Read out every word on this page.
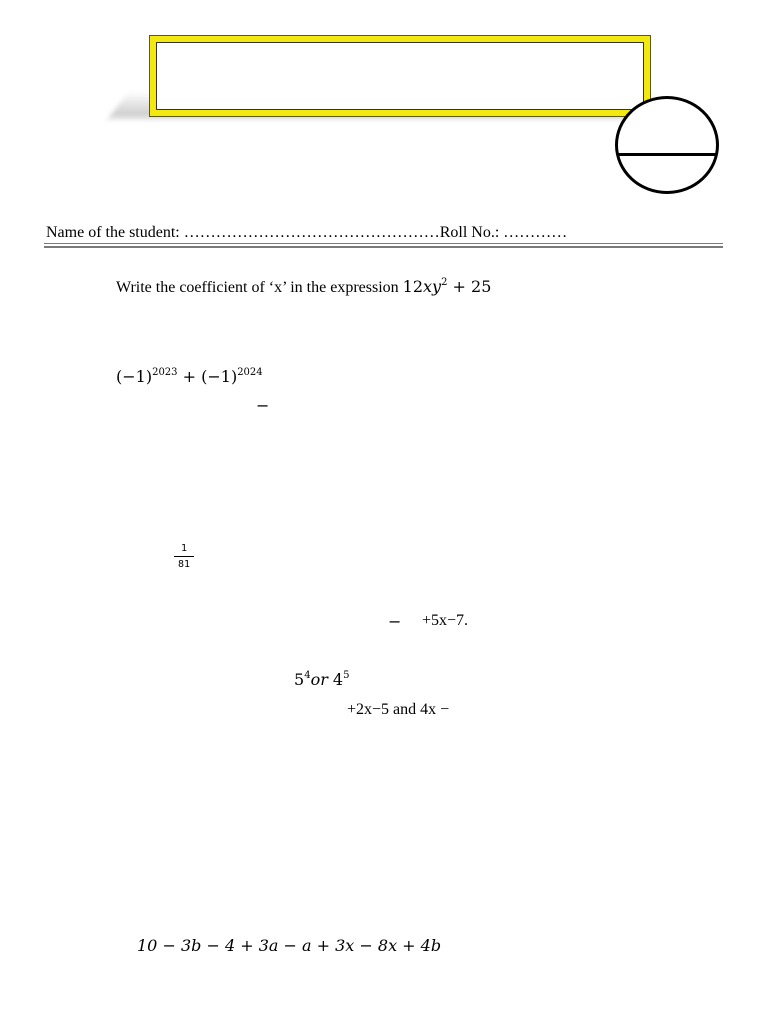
Name of the student: …………………………………………Roll No.: …………
Write the coefficient of ‘x’ in the expression $12xy^2 + 25$
$(-1)^{2023} + (-1)^{2024}$
−
1
81
− +5x−7.
$5^4or$ $4^5$
+2x−5 and 4x −
10 − 3b − 4 + 3a − a + 3x − 8x + 4b
